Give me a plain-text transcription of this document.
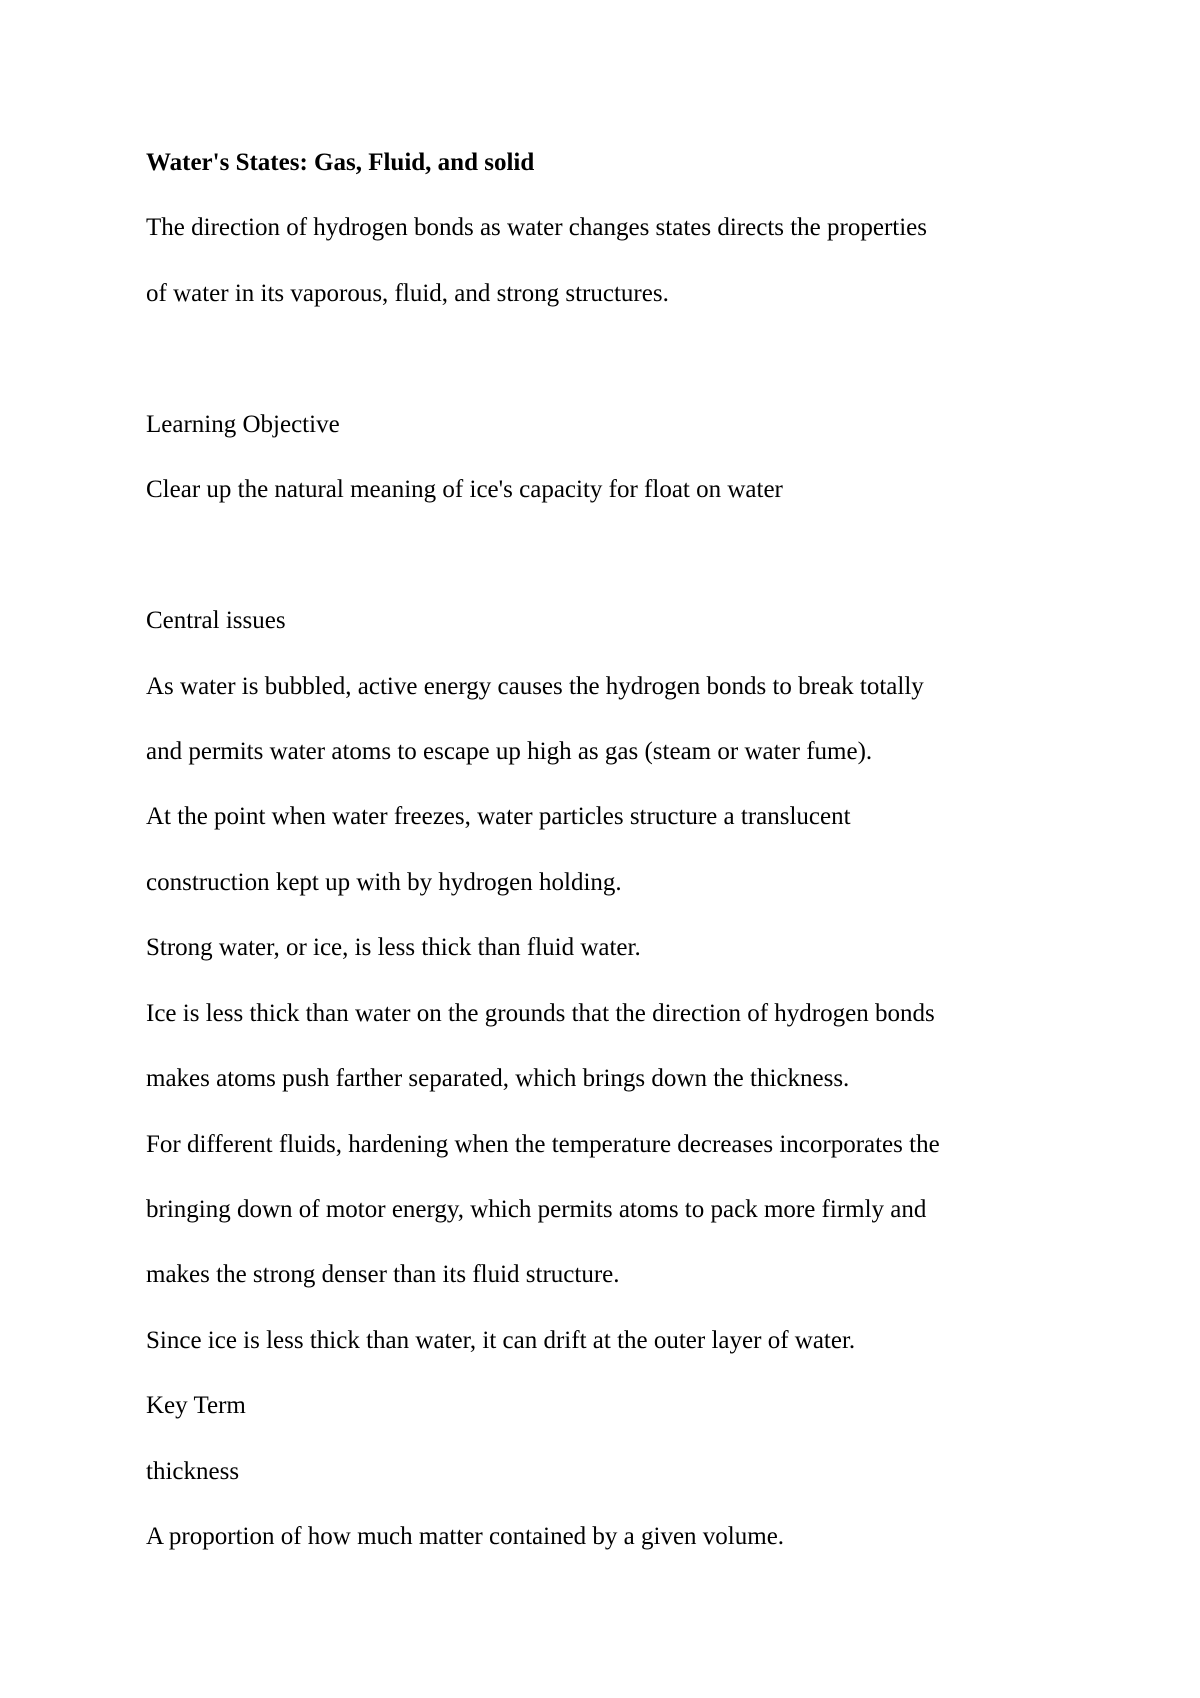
Water's States: Gas, Fluid, and solid

The direction of hydrogen bonds as water changes states directs the properties

of water in its vaporous, fluid, and strong structures.

Learning Objective

Clear up the natural meaning of ice's capacity for float on water

Central issues

As water is bubbled, active energy causes the hydrogen bonds to break totally

and permits water atoms to escape up high as gas (steam or water fume).

At the point when water freezes, water particles structure a translucent

construction kept up with by hydrogen holding.

Strong water, or ice, is less thick than fluid water.

Ice is less thick than water on the grounds that the direction of hydrogen bonds

makes atoms push farther separated, which brings down the thickness.

For different fluids, hardening when the temperature decreases incorporates the

bringing down of motor energy, which permits atoms to pack more firmly and

makes the strong denser than its fluid structure.

Since ice is less thick than water, it can drift at the outer layer of water.

Key Term

thickness

A proportion of how much matter contained by a given volume.
